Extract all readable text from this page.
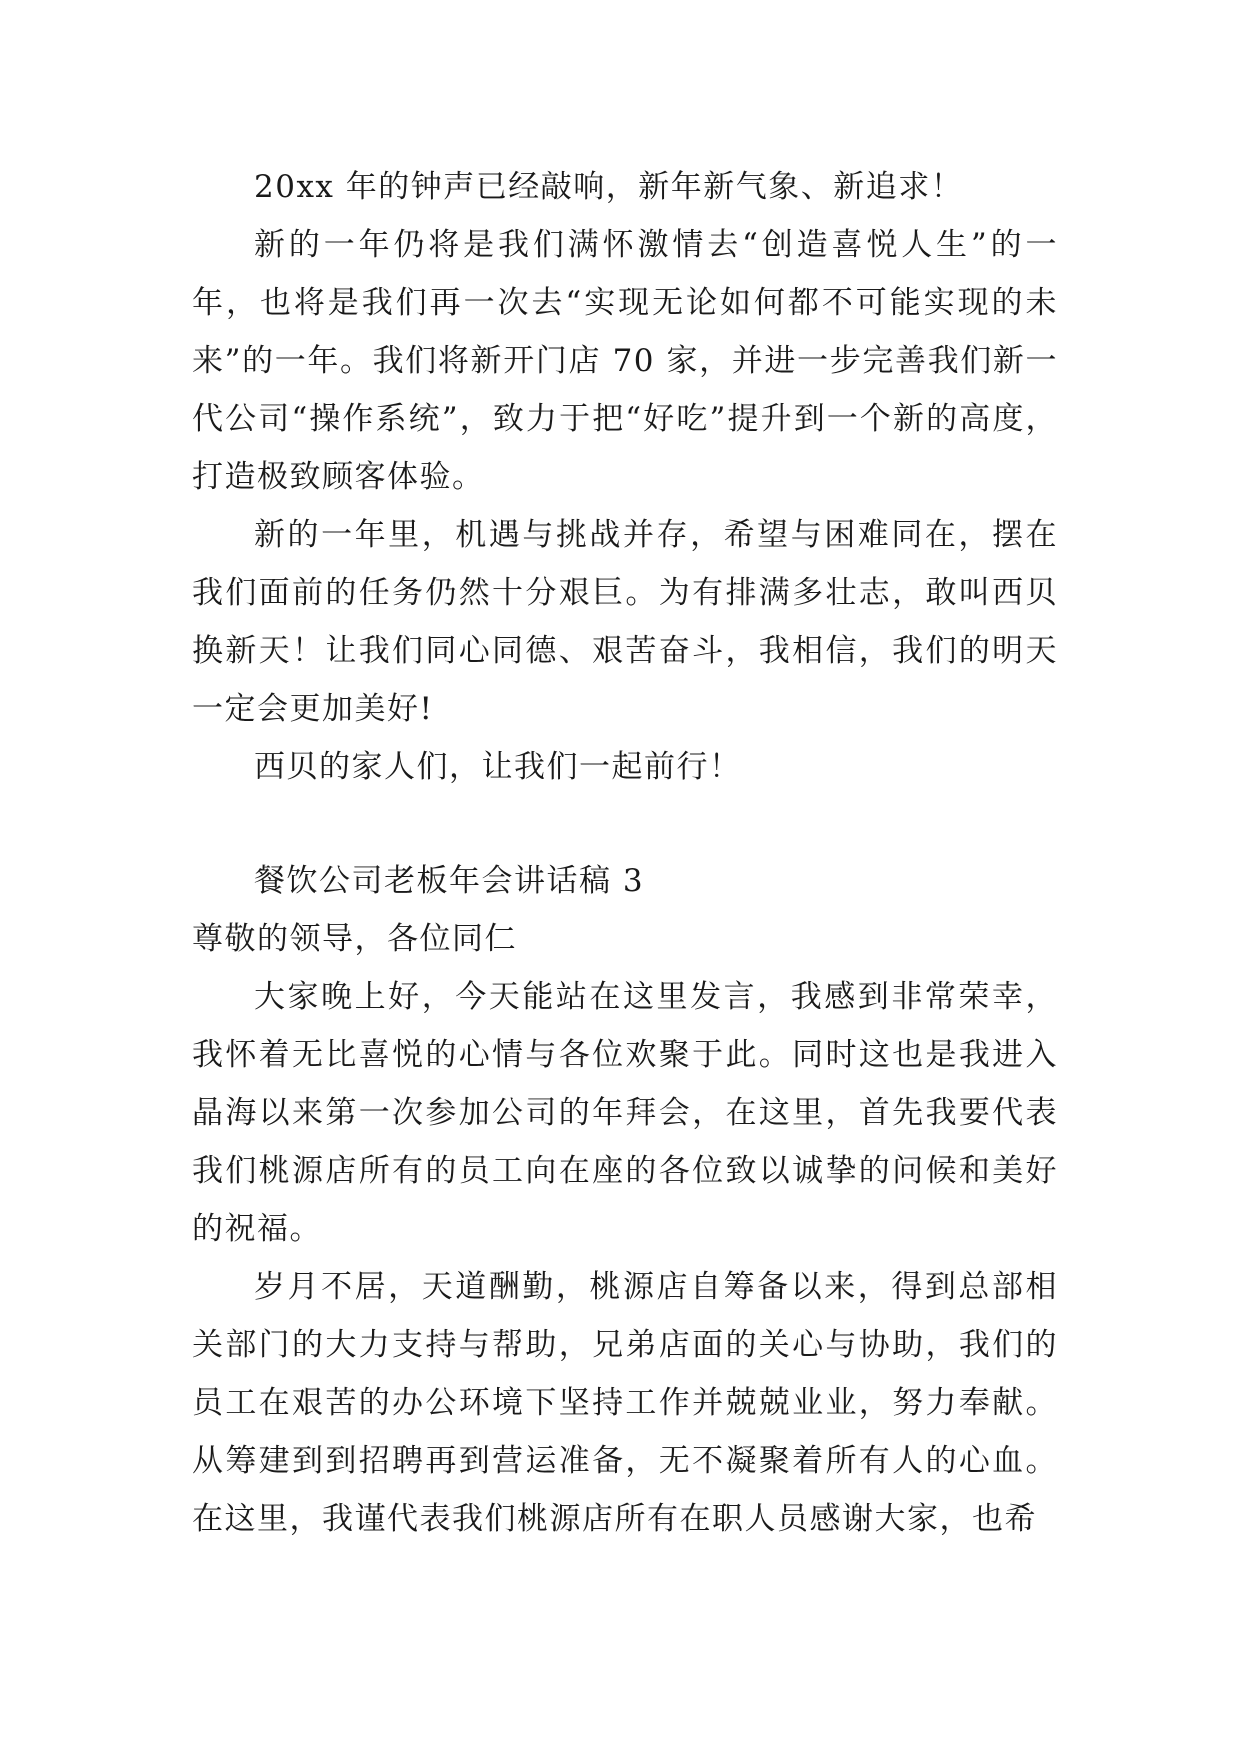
20xx 年的钟声已经敲响，新年新气象、新追求！

新的一年仍将是我们满怀激情去“创造喜悦人生”的一年，也将是我们再一次去“实现无论如何都不可能实现的未来”的一年。我们将新开门店 70 家，并进一步完善我们新一代公司“操作系统”，致力于把“好吃”提升到一个新的高度，打造极致顾客体验。

新的一年里，机遇与挑战并存，希望与困难同在，摆在我们面前的任务仍然十分艰巨。为有排满多壮志，敢叫西贝换新天！让我们同心同德、艰苦奋斗，我相信，我们的明天一定会更加美好!

西贝的家人们，让我们一起前行！

餐饮公司老板年会讲话稿 3

尊敬的领导，各位同仁

大家晚上好，今天能站在这里发言，我感到非常荣幸，我怀着无比喜悦的心情与各位欢聚于此。同时这也是我进入晶海以来第一次参加公司的年拜会，在这里，首先我要代表我们桃源店所有的员工向在座的各位致以诚挚的问候和美好的祝福。

岁月不居，天道酬勤，桃源店自筹备以来，得到总部相关部门的大力支持与帮助，兄弟店面的关心与协助，我们的员工在艰苦的办公环境下坚持工作并兢兢业业，努力奉献。从筹建到到招聘再到营运准备，无不凝聚着所有人的心血。在这里，我谨代表我们桃源店所有在职人员感谢大家，也希
